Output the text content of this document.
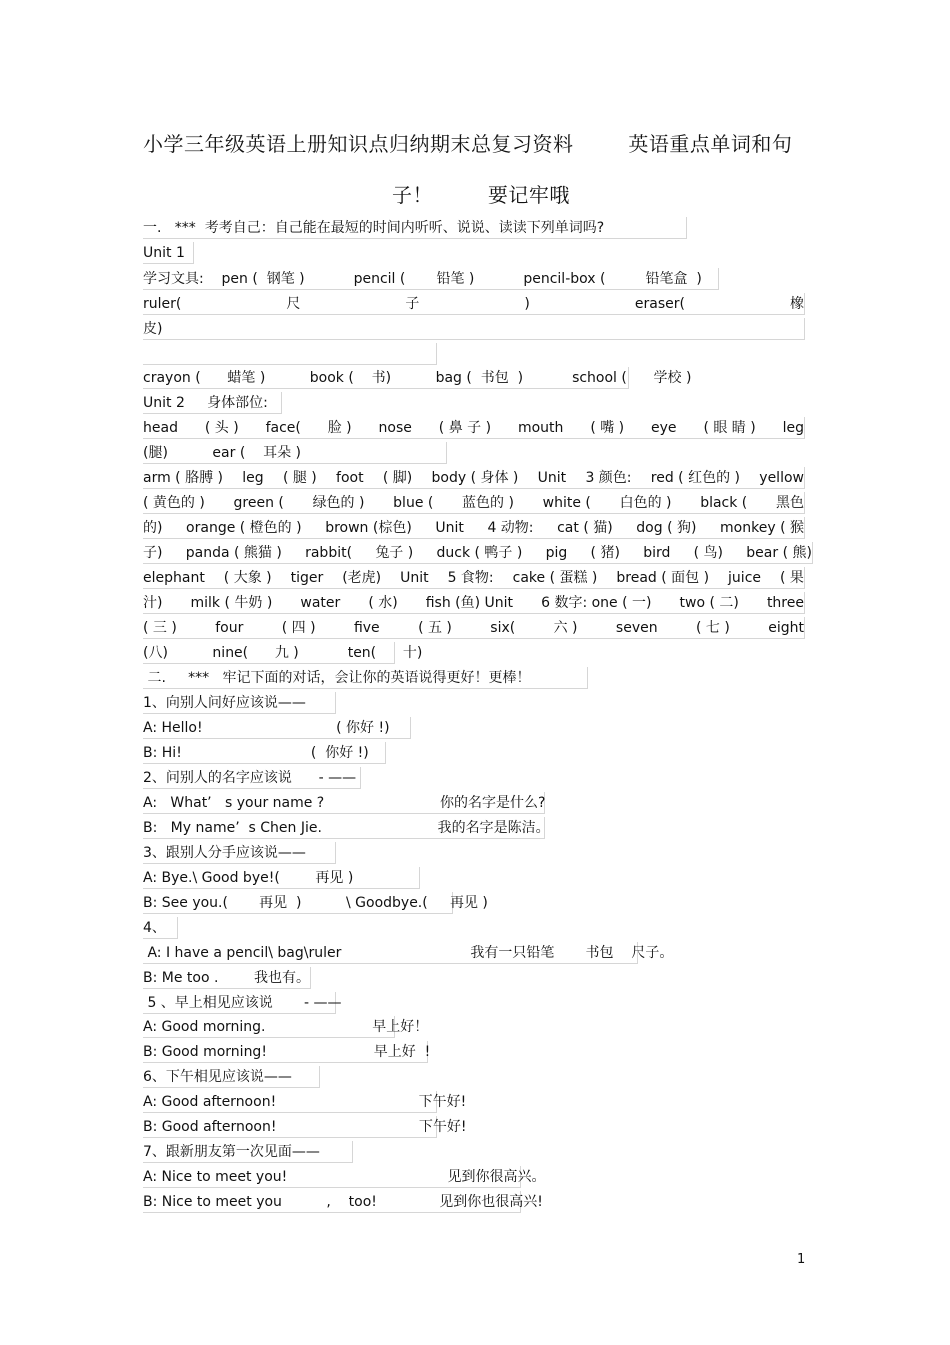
小学三年级英语上册知识点归纳期末总复习资料        英语重点单词和句
子！        要记牢哦
一.   ***  考考自己：自己能在最短的时间内听听、说说、读读下列单词吗?
Unit 1
学习文具:    pen (  钢笔 )           pencil (       铅笔 )           pencil-box (         铅笔盒  )
ruler(	尺	子	)	eraser(	橡
皮)
crayon (      蜡笔 )          book (    书)          bag (  书包  )           school (      学校 )
Unit 2     身体部位:
head ( 头 ) face( 脸 ) nose ( 鼻 子 ) mouth ( 嘴 ) eye ( 眼 睛 ) leg
(腿)          ear (    耳朵 )
arm ( 胳膊 ) leg ( 腿 ) foot ( 脚) body ( 身体 ) Unit 3 颜色: red ( 红色的 ) yellow
( 黄色的 ) green ( 绿色的 ) blue ( 蓝色的 ) white ( 白色的 ) black ( 黑色
的) orange ( 橙色的 ) brown (棕色) Unit 4 动物: cat ( 猫) dog ( 狗) monkey ( 猴
子) panda ( 熊猫 ) rabbit( 兔子 ) duck ( 鸭子 ) pig ( 猪) bird ( 鸟) bear ( 熊)
elephant ( 大象 ) tiger (老虎) Unit 5 食物: cake ( 蛋糕 ) bread ( 面包 ) juice ( 果
汁) milk ( 牛奶 ) water ( 水) fish (鱼) Unit 6 数字: one ( 一) two ( 二) three
( 三 )	four	( 四 )	five	( 五 )	six(	六 )	seven	( 七 )	eight
(八)          nine(      九 )           ten(      十)
二.     ***   牢记下面的对话，会让你的英语说得更好！更棒！
1、向别人问好应该说——
A: Hello!                              ( 你好 !)
B: Hi!                             (  你好 !)
2、问别人的名字应该说      - ——
A:   What’   s your name ?                          你的名字是什么?
B:   My name’  s Chen Jie.                          我的名字是陈洁。
3、跟别人分手应该说——
A: Bye.\ Good bye!(        再见 )
B: See you.(       再见  )          \ Goodbye.(     再见 )
4、
A: I have a pencil\ bag\ruler                             我有一只铅笔       书包    尺子。
B: Me too .        我也有。
5 、早上相见应该说       - ——
A: Good morning.                        早上好！
B: Good morning!                        早上好  !
6、下午相见应该说——
A: Good afternoon!                                下午好!
B: Good afternoon!                                下午好!
7、跟新朋友第一次见面——
A: Nice to meet you!                                    见到你很高兴。
B: Nice to meet you          ,    too!              见到你也很高兴!
1
